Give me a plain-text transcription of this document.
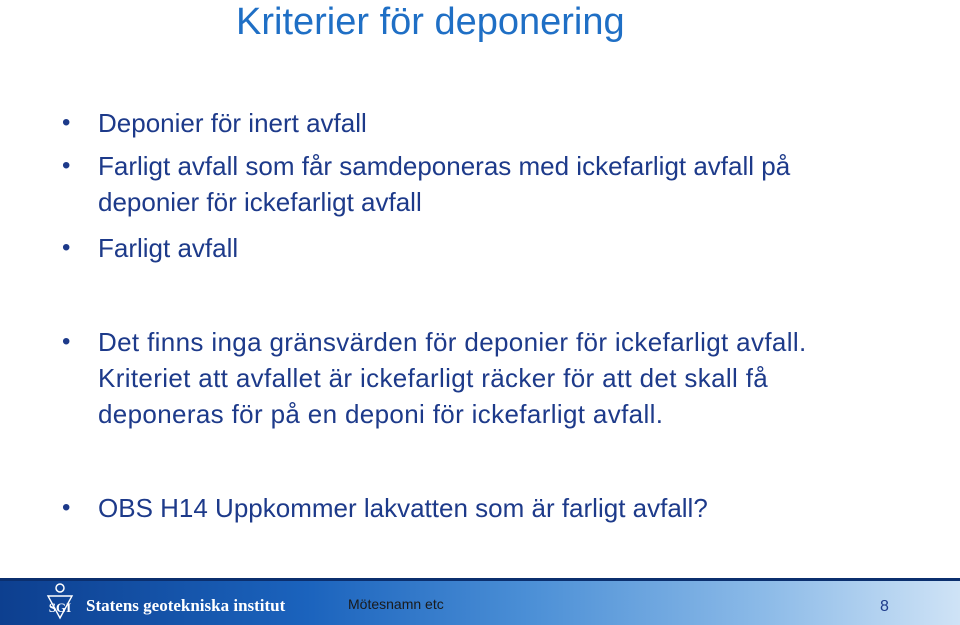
Kriterier för deponering
• Deponier för inert avfall
• Farligt avfall som får samdeponeras med ickefarligt avfall på deponier för ickefarligt avfall
• Farligt avfall
• Det finns inga gränsvärden för deponier för ickefarligt avfall. Kriteriet att avfallet är ickefarligt räcker för att det skall få deponeras för på en deponi för ickefarligt avfall.
• OBS H14 Uppkommer lakvatten som är farligt avfall?
SGI Statens geotekniska institut	Mötesnamn etc	8
